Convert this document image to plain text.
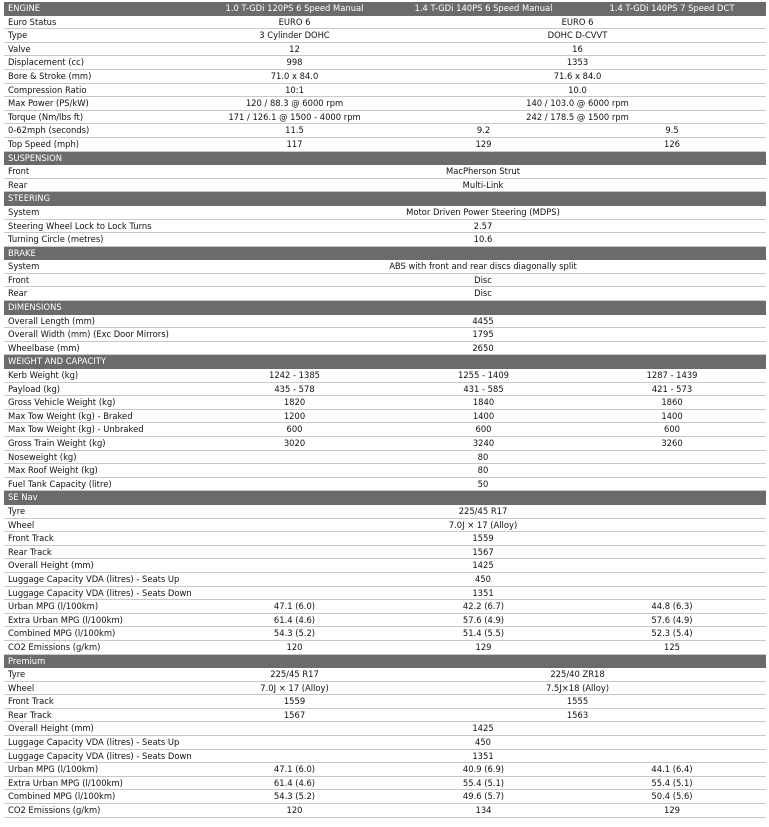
ENGINE	1.0 T-GDi 120PS 6 Speed Manual	1.4 T-GDi 140PS 6 Speed Manual	1.4 T-GDi 140PS 7 Speed DCT
Euro Status	EURO 6	EURO 6	
Type	3 Cylinder DOHC	DOHC D-CVVT	
Valve	12	16	
Displacement (cc)	998	1353	
Bore & Stroke (mm)	71.0 x 84.0	71.6 x 84.0	
Compression Ratio	10:1	10.0	
Max Power (PS/kW)	120 / 88.3 @ 6000 rpm	140 / 103.0 @ 6000 rpm	
Torque (Nm/lbs ft)	171 / 126.1 @ 1500 - 4000 rpm	242 / 178.5 @ 1500 rpm	
0-62mph (seconds)	11.5	9.2	9.5
Top Speed (mph)	117	129	126
SUSPENSION			
Front	MacPherson Strut		
Rear	Multi-Link		
STEERING			
System	Motor Driven Power Steering (MDPS)		
Steering Wheel Lock to Lock Turns	2.57		
Turning Circle (metres)	10.6		
BRAKE			
System	ABS with front and rear discs diagonally split		
Front	Disc		
Rear	Disc		
DIMENSIONS			
Overall Length (mm)	4455		
Overall Width (mm) (Exc Door Mirrors)	1795		
Wheelbase (mm)	2650		
WEIGHT AND CAPACITY			
Kerb Weight (kg)	1242 - 1385	1255 - 1409	1287 - 1439
Payload (kg)	435 - 578	431 - 585	421 - 573
Gross Vehicle Weight (kg)	1820	1840	1860
Max Tow Weight (kg) - Braked	1200	1400	1400
Max Tow Weight (kg) - Unbraked	600	600	600
Gross Train Weight (kg)	3020	3240	3260
Noseweight (kg)	80		
Max Roof Weight (kg)	80		
Fuel Tank Capacity (litre)	50		
SE Nav			
Tyre	225/45 R17		
Wheel	7.0J × 17 (Alloy)		
Front Track	1559		
Rear Track	1567		
Overall Height (mm)	1425		
Luggage Capacity VDA (litres) - Seats Up	450		
Luggage Capacity VDA (litres) - Seats Down	1351		
Urban MPG (l/100km)	47.1 (6.0)	42.2 (6.7)	44.8 (6.3)
Extra Urban MPG (l/100km)	61.4 (4.6)	57.6 (4.9)	57.6 (4.9)
Combined MPG (l/100km)	54.3 (5.2)	51.4 (5.5)	52.3 (5.4)
CO2 Emissions (g/km)	120	129	125
Premium			
Tyre	225/45 R17	225/40 ZR18	
Wheel	7.0J × 17 (Alloy)	7.5J×18 (Alloy)	
Front Track	1559	1555	
Rear Track	1567	1563	
Overall Height (mm)	1425		
Luggage Capacity VDA (litres) - Seats Up	450		
Luggage Capacity VDA (litres) - Seats Down	1351		
Urban MPG (l/100km)	47.1 (6.0)	40.9 (6.9)	44.1 (6.4)
Extra Urban MPG (l/100km)	61.4 (4.6)	55.4 (5.1)	55.4 (5.1)
Combined MPG (l/100km)	54.3 (5.2)	49.6 (5.7)	50.4 (5.6)
CO2 Emissions (g/km)	120	134	129
